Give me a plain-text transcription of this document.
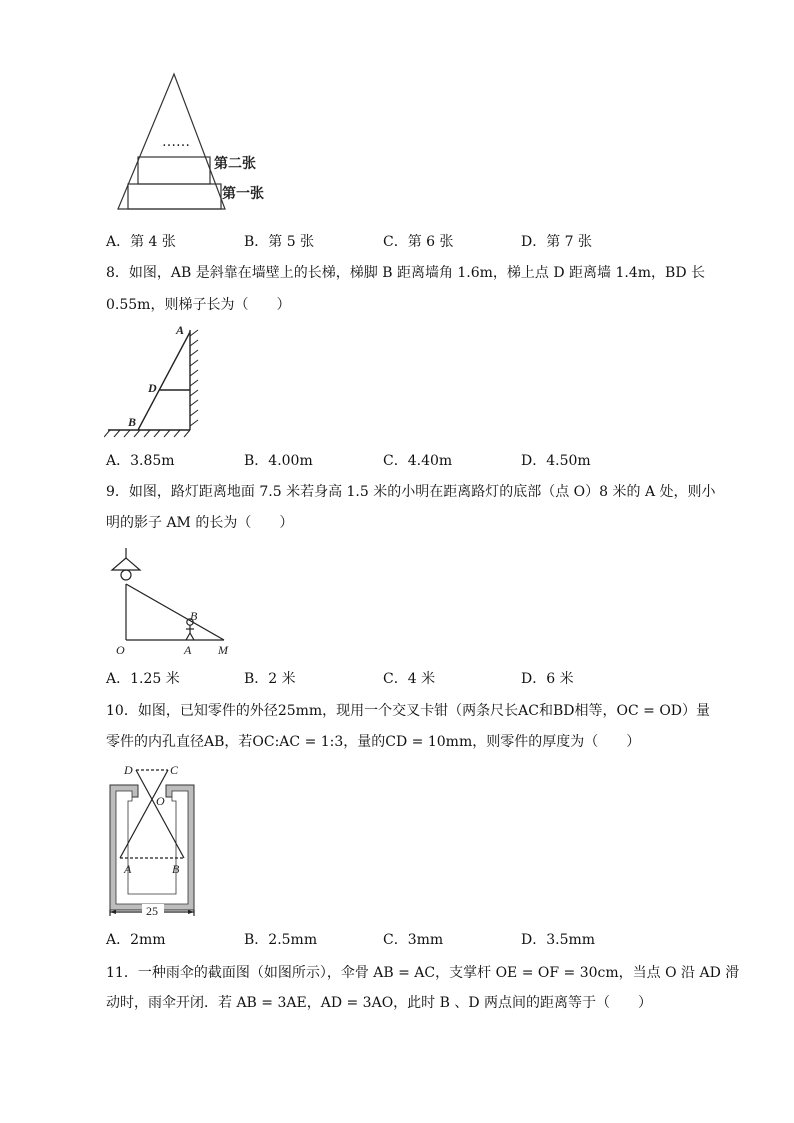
……
第二张
第一张
A．第 4 张	B．第 5 张	C．第 6 张	D．第 7 张
8．如图，AB 是斜靠在墙壁上的长梯，梯脚 B 距离墙角 1.6m，梯上点 D 距离墙 1.4m，BD 长
0.55m，则梯子长为（　　）
A
D
B
A．3.85m	B．4.00m	C．4.40m	D．4.50m
9．如图，路灯距离地面 7.5 米若身高 1.5 米的小明在距离路灯的底部（点 O）8 米的 A 处，则小
明的影子 AM 的长为（　　）
B
O	A M
A．1.25 米	B．2 米	C．4 米	D．6 米
10．如图，已知零件的外径25mm，现用一个交叉卡钳（两条尺长AC和BD相等，OC = OD）量
零件的内孔直径AB，若OC:AC = 1:3，量的CD = 10mm，则零件的厚度为（　　）
D	C
O
A	B
25
A．2mm	B．2.5mm	C．3mm	D．3.5mm
11．一种雨伞的截面图（如图所示），伞骨 AB = AC，支掌杆 OE = OF = 30cm，当点 O 沿 AD 滑
动时，雨伞开闭．若 AB = 3AE，AD = 3AO，此时 B 、D 两点间的距离等于（　　）
